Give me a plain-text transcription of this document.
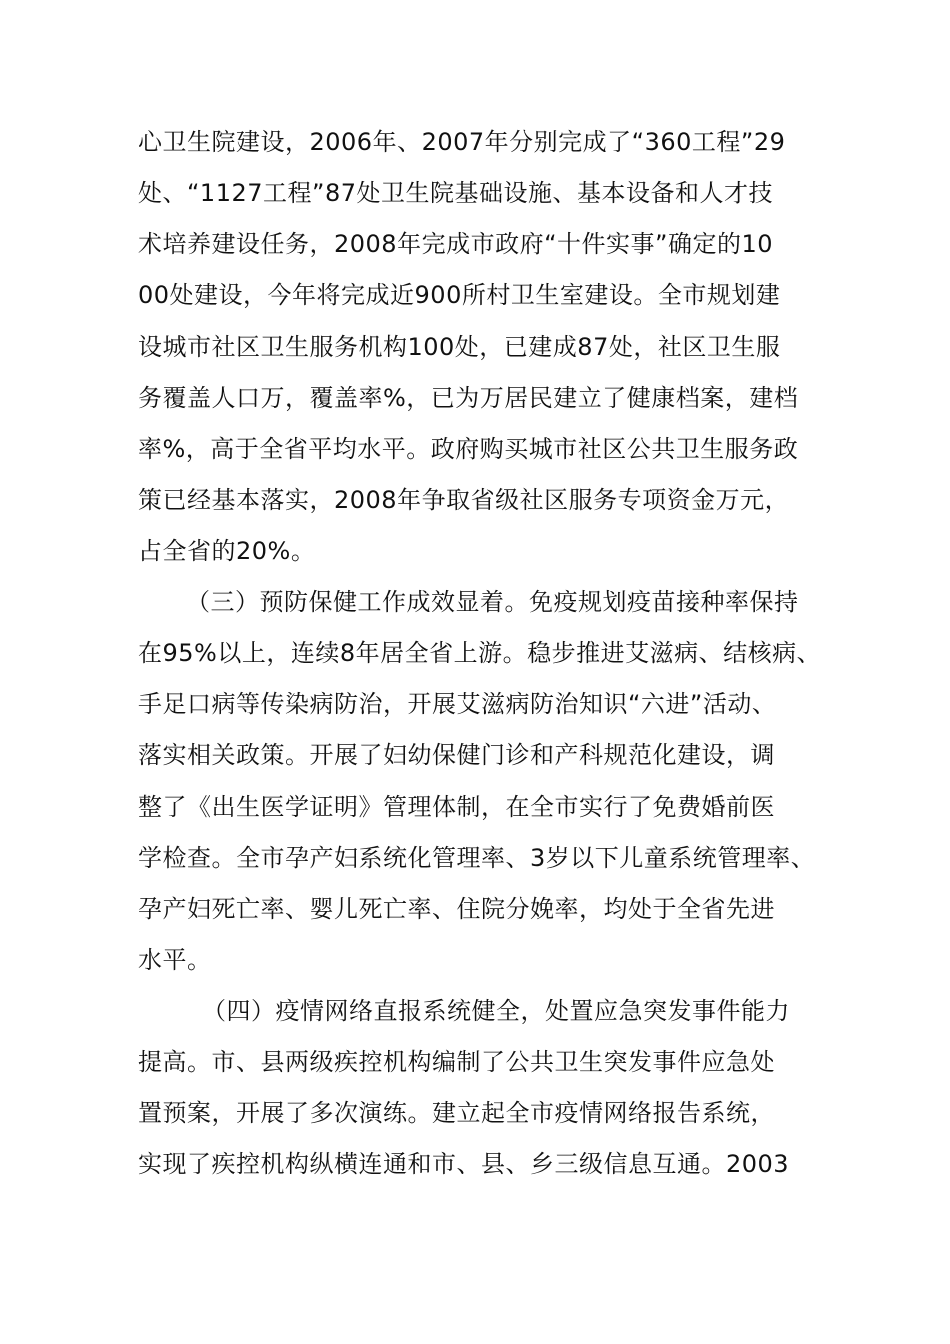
心卫生院建设，2006年、2007年分别完成了“360工程”29
处、“1127工程”87处卫生院基础设施、基本设备和人才技
术培养建设任务，2008年完成市政府“十件实事”确定的10
00处建设，今年将完成近900所村卫生室建设。全市规划建
设城市社区卫生服务机构100处，已建成87处，社区卫生服
务覆盖人口万，覆盖率%，已为万居民建立了健康档案，建档
率%，高于全省平均水平。政府购买城市社区公共卫生服务政
策已经基本落实，2008年争取省级社区服务专项资金万元，
占全省的20%。
（三）预防保健工作成效显着。免疫规划疫苗接种率保持
在95%以上，连续8年居全省上游。稳步推进艾滋病、结核病、
手足口病等传染病防治，开展艾滋病防治知识“六进”活动、
落实相关政策。开展了妇幼保健门诊和产科规范化建设，调
整了《出生医学证明》管理体制，在全市实行了免费婚前医
学检查。全市孕产妇系统化管理率、3岁以下儿童系统管理率、
孕产妇死亡率、婴儿死亡率、住院分娩率，均处于全省先进
水平。
（四）疫情网络直报系统健全，处置应急突发事件能力
提高。市、县两级疾控机构编制了公共卫生突发事件应急处
置预案，开展了多次演练。建立起全市疫情网络报告系统，
实现了疾控机构纵横连通和市、县、乡三级信息互通。2003
